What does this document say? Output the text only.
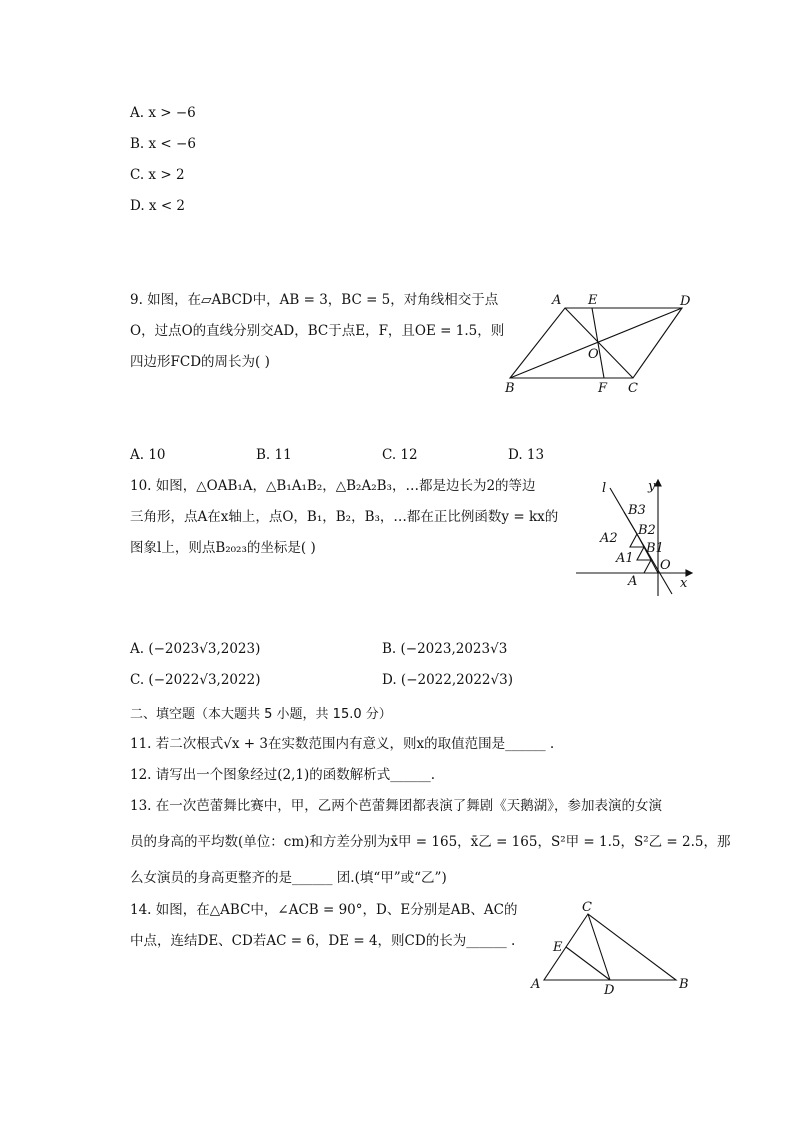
A. x > −6
B. x < −6
C. x > 2
D. x < 2
9. 如图，在▱ABCD中，AB = 3，BC = 5，对角线相交于点
O，过点O的直线分别交AD，BC于点E，F，且OE = 1.5，则
四边形FCD的周长为( )
A E	D
O
B	F C
A. 10	B. 11	C. 12	D. 13
10. 如图，△OAB₁A，△B₁A₁B₂，△B₂A₂B₃，…都是边长为2的等边
三角形，点A在x轴上，点O，B₁，B₂，B₃，…都在正比例函数y = kx的
图象l上，则点B₂₀₂₃的坐标是( )
l	y
x
O
A
A1
A2
B1
B2
B3
A. (−2023√3,2023)	B. (−2023,2023√3
C. (−2022√3,2022)	D. (−2022,2022√3)
二、填空题（本大题共 5 小题，共 15.0 分）
11. 若二次根式√x + 3在实数范围内有意义，则x的取值范围是______ .
12. 请写出一个图象经过(2,1)的函数解析式______.
13. 在一次芭蕾舞比赛中，甲，乙两个芭蕾舞团都表演了舞剧《天鹅湖》，参加表演的女演
员的身高的平均数(单位：cm)和方差分别为x̄甲 = 165，x̄乙 = 165，S²甲 = 1.5，S²乙 = 2.5，那
么女演员的身高更整齐的是______ 团.(填“甲”或“乙”)
14. 如图，在△ABC中，∠ACB = 90°，D、E分别是AB、AC的
中点，连结DE、CD若AC = 6，DE = 4，则CD的长为______ .
C
E
A	D	B
